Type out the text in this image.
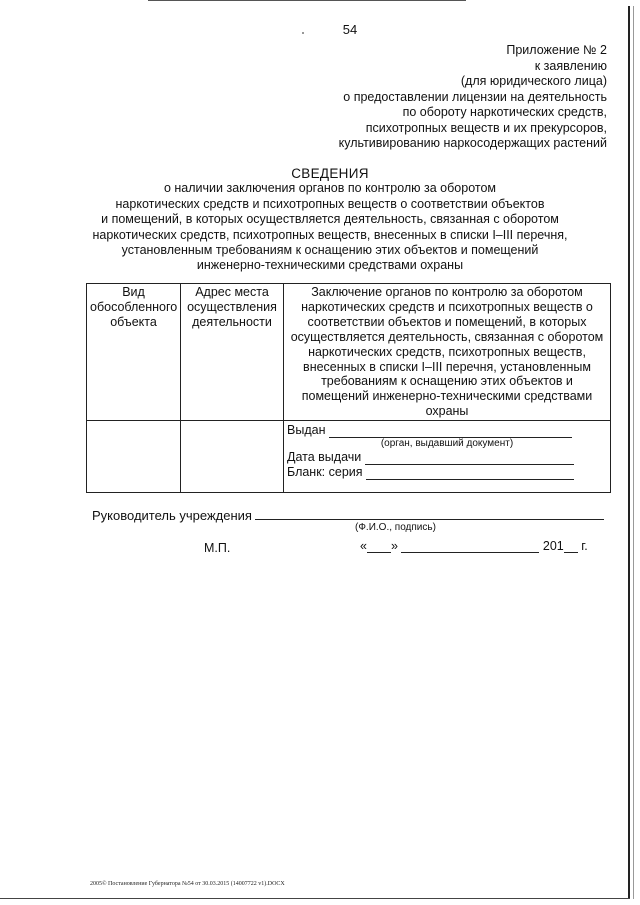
54
Приложение № 2
к заявлению
(для юридического лица)
о предоставлении лицензии на деятельность
по обороту наркотических средств,
психотропных веществ и их прекурсоров,
культивированию наркосодержащих растений
СВЕДЕНИЯ
о наличии заключения органов по контролю за оборотом
наркотических средств и психотропных веществ о соответствии объектов
и помещений, в которых осуществляется деятельность, связанная с оборотом
наркотических средств, психотропных веществ, внесенных в списки I–III перечня,
установленным требованиям к оснащению этих объектов и помещений
инженерно-техническими средствами охраны
Вид обособленного объекта	Адрес места осуществления деятельности	Заключение органов по контролю за оборотом наркотических средств и психотропных веществ о соответствии объектов и помещений, в которых осуществляется деятельность, связанная с оборотом наркотических средств, психотропных веществ, внесенных в списки I–III перечня, установленным требованиям к оснащению этих объектов и помещений инженерно-техническими средствами охраны

		Выдан
(орган, выдавший документ)
Дата выдачи
Бланк: серия
Руководитель учреждения
(Ф.И.О., подпись)
М.П.	« »	201 г.
2005© Постановление Губернатора №54 от 30.03.2015 (14007722 v1).DOCX
